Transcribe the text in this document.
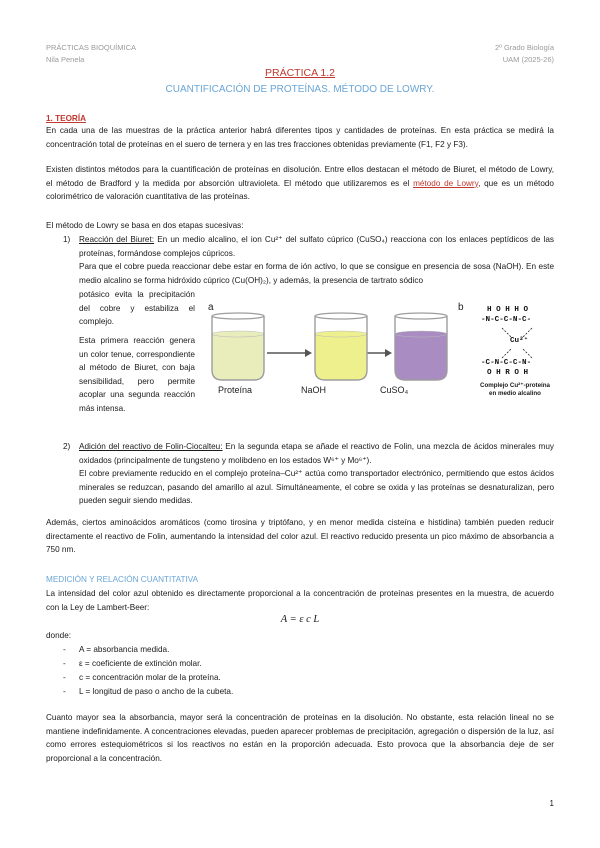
PRÁCTICAS BIOQUÍMICA
Nila Penela
2º Grado Biología
UAM (2025-26)
PRÁCTICA 1.2
CUANTIFICACIÓN DE PROTEÍNAS. MÉTODO DE LOWRY.
1. TEORÍA
En cada una de las muestras de la práctica anterior habrá diferentes tipos y cantidades de proteínas. En esta práctica se medirá la concentración total de proteínas en el suero de ternera y en las tres fracciones obtenidas previamente (F1, F2 y F3).
Existen distintos métodos para la cuantificación de proteínas en disolución. Entre ellos destacan el método de Biuret, el método de Lowry, el método de Bradford y la medida por absorción ultravioleta. El método que utilizaremos es el método de Lowry, que es un método colorimétrico de valoración cuantitativa de las proteínas.
El método de Lowry se basa en dos etapas sucesivas:
1) Reacción del Biuret: En un medio alcalino, el ion Cu²⁺ del sulfato cúprico (CuSO₄) reacciona con los enlaces peptídicos de las proteínas, formándose complejos cúpricos.
Para que el cobre pueda reaccionar debe estar en forma de ión activo, lo que se consigue en presencia de sosa (NaOH). En este medio alcalino se forma hidróxido cúprico (Cu(OH)₂), y además, la presencia de tartrato sódico
potásico evita la precipitación del cobre y estabiliza el complejo.
Esta primera reacción genera un color tenue, correspondiente al método de Biuret, con baja sensibilidad, pero permite acoplar una segunda reacción más intensa.
a	b
Proteína	NaOH	CuSO₄
H O H H O
-N-C-C-N-C-
Cu²⁺
-C-N-C-C-N-
O H R O H
Complejo Cu²⁺-proteína
en medio alcalino
2) Adición del reactivo de Folin-Ciocalteu: En la segunda etapa se añade el reactivo de Folin, una mezcla de ácidos minerales muy oxidados (principalmente de tungsteno y molibdeno en los estados W⁶⁺ y Mo⁶⁺).
El cobre previamente reducido en el complejo proteína–Cu²⁺ actúa como transportador electrónico, permitiendo que estos ácidos minerales se reduzcan, pasando del amarillo al azul. Simultáneamente, el cobre se oxida y las proteínas se desnaturalizan, pero pueden seguir siendo medidas.
Además, ciertos aminoácidos aromáticos (como tirosina y triptófano, y en menor medida cisteína e histidina) también pueden reducir directamente el reactivo de Folin, aumentando la intensidad del color azul. El reactivo reducido presenta un pico máximo de absorbancia a 750 nm.
MEDICIÓN Y RELACIÓN CUANTITATIVA
La intensidad del color azul obtenido es directamente proporcional a la concentración de proteínas presentes en la muestra, de acuerdo con la Ley de Lambert-Beer:
A = ε c L
donde:
- A = absorbancia medida.
- ε = coeficiente de extinción molar.
- c = concentración molar de la proteína.
- L = longitud de paso o ancho de la cubeta.
Cuanto mayor sea la absorbancia, mayor será la concentración de proteínas en la disolución. No obstante, esta relación lineal no se mantiene indefinidamente. A concentraciones elevadas, pueden aparecer problemas de precipitación, agregación o dispersión de la luz, así como errores estequiométricos si los reactivos no están en la proporción adecuada. Esto provoca que la absorbancia deje de ser proporcional a la concentración.
1
